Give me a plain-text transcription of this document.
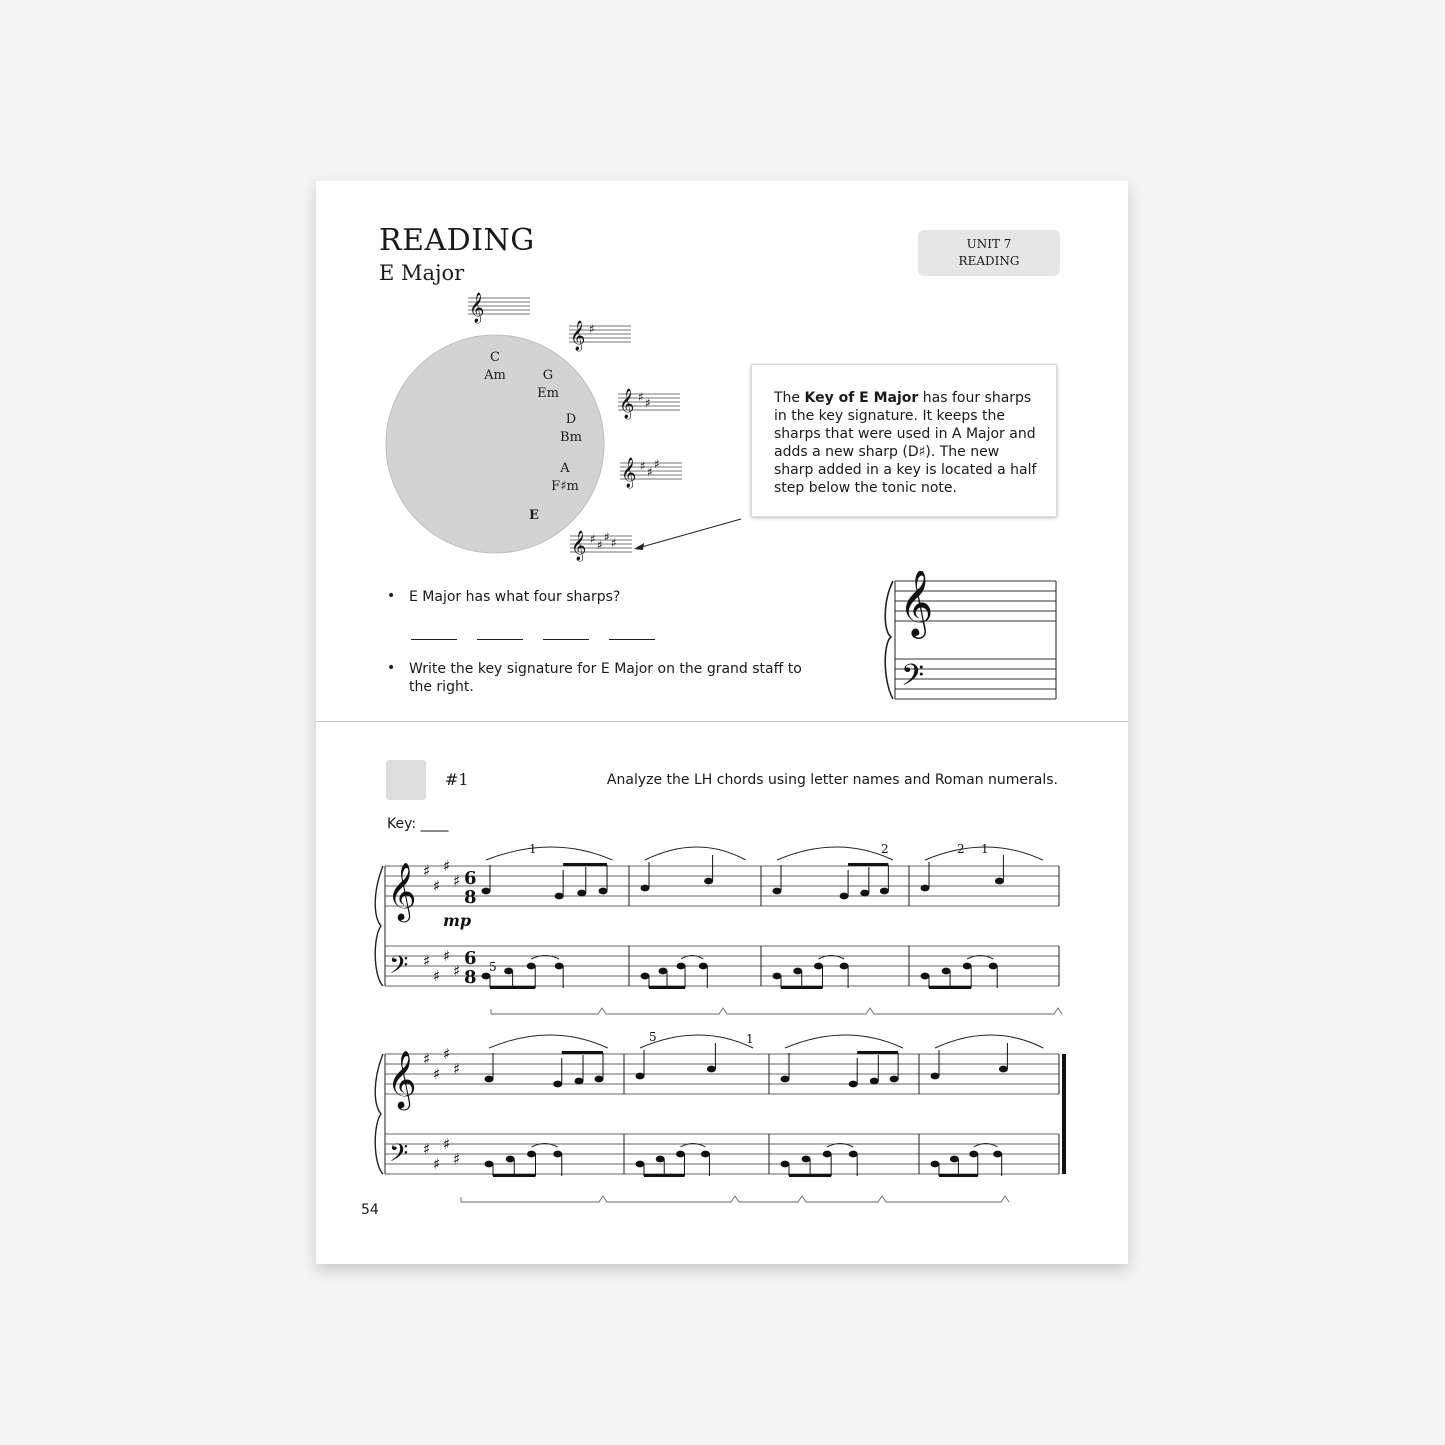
READING
E Major
UNIT 7
READING
C
Am	G
Em
D
Bm
A
F♯m
E
𝄞
𝄞 ♯
𝄞 ♯ ♯
𝄞 ♯ ♯
♯
𝄞 ♯ ♯
♯ ♯
The Key of E Major has four sharps in the key signature. It keeps the sharps that were used in A Major and adds a new sharp (D♯). The new sharp added in a key is located a half step below the tonic note.
• E Major has what four sharps?
• Write the key signature for E Major on the grand staff to the right.
𝄞
𝄢
#1	Analyze the LH chords using letter names and Roman numerals.
Key: ____
𝄞
𝄢
♯
♯
♯
♯
♯
♯
♯
♯
6
8
6
8
mp
𝄞
𝄢
♯
♯
♯
♯
♯
♯
♯
♯
1	2	2 1
5
5	1
54
